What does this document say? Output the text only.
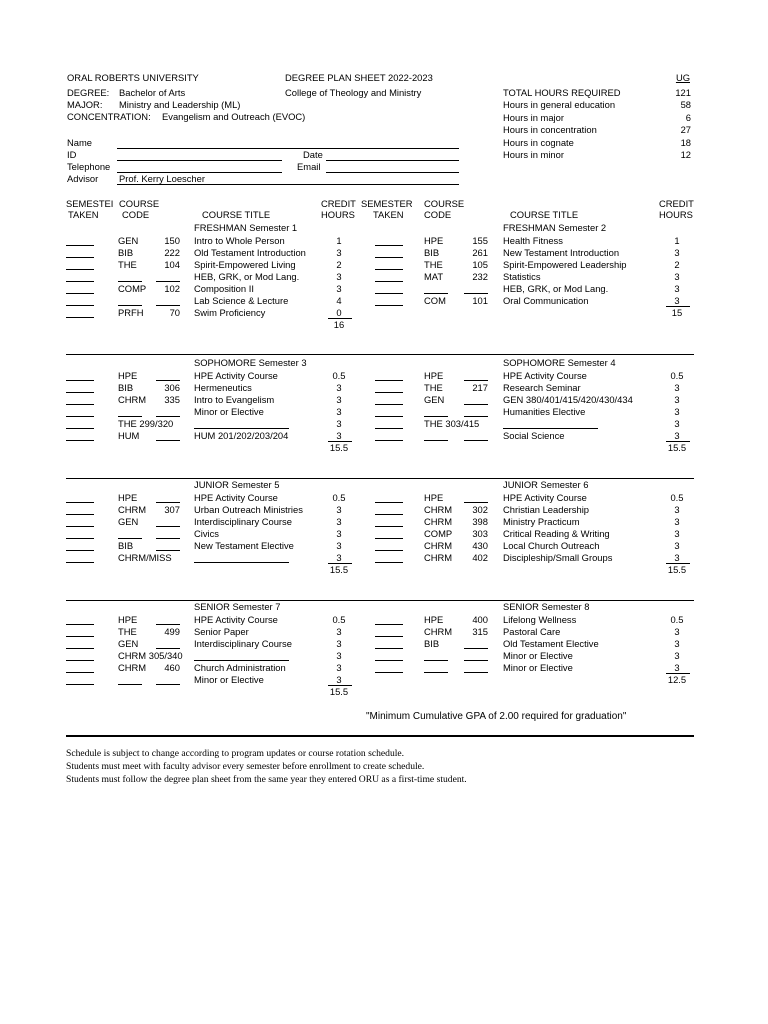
ORAL ROBERTS UNIVERSITY	DEGREE PLAN SHEET 2022-2023	UG
DEGREE: Bachelor of Arts	College of Theology and Ministry
MAJOR: Ministry and Leadership (ML)
CONCENTRATION: Evangelism and Outreach (EVOC)
TOTAL HOURS REQUIRED	121
Hours in general education	58
Hours in major	6
Hours in concentration	27
Hours in cognate	18
Hours in minor	12
Name
ID	Date
Telephone	Email
Advisor Prof. Kerry Loescher
SEMESTEI
TAKEN
COURSE
CODE	COURSE TITLE
CREDIT
HOURS
SEMESTER
TAKEN
COURSE
CODE	COURSE TITLE
CREDIT
HOURS
FRESHMAN Semester 1
GEN	150 Intro to Whole Person	1
BIB	222 Old Testament Introduction	3
THE	104 Spirit-Empowered Living	2
HEB, GRK, or Mod Lang.	3
COMP	102 Composition II	3
Lab Science & Lecture	4
PRFH	70 Swim Proficiency	0
16
FRESHMAN Semester 2
HPE	155 Health Fitness	1
BIB	261 New Testament Introduction	3
THE	105 Spirit-Empowered Leadership	2
MAT	232 Statistics	3
HEB, GRK, or Mod Lang.	3
COM	101 Oral Communication	3
15
SOPHOMORE Semester 3
HPE	HPE Activity Course	0.5
BIB	306 Hermeneutics	3
CHRM	335 Intro to Evangelism	3
Minor or Elective	3
THE 299/320	3
HUM	HUM 201/202/203/204	3
15.5
SOPHOMORE Semester 4
HPE	HPE Activity Course	0.5
THE	217 Research Seminar	3
GEN	GEN 380/401/415/420/430/434	3
Humanities Elective	3
THE 303/415	3
Social Science	3
15.5
JUNIOR Semester 5
HPE	HPE Activity Course	0.5
CHRM	307 Urban Outreach Ministries	3
GEN	Interdisciplinary Course	3
Civics	3
BIB	New Testament Elective	3
CHRM/MISS	3
15.5
JUNIOR Semester 6
HPE	HPE Activity Course	0.5
CHRM	302 Christian Leadership	3
CHRM	398 Ministry Practicum	3
COMP	303 Critical Reading & Writing	3
CHRM	430 Local Church Outreach	3
CHRM	402 Discipleship/Small Groups	3
15.5
SENIOR Semester 7
HPE	HPE Activity Course	0.5
THE	499 Senior Paper	3
GEN	Interdisciplinary Course	3
CHRM 305/340	3
CHRM	460 Church Administration	3
Minor or Elective	3
15.5
SENIOR Semester 8
HPE	400 Lifelong Wellness	0.5
CHRM	315 Pastoral Care	3
BIB	Old Testament Elective	3
Minor or Elective	3
Minor or Elective	3
12.5
"Minimum Cumulative GPA of 2.00 required for graduation"
Schedule is subject to change according to program updates or course rotation schedule.
Students must meet with faculty advisor every semester before enrollment to create schedule.
Students must follow the degree plan sheet from the same year they entered ORU as a first-time student.
